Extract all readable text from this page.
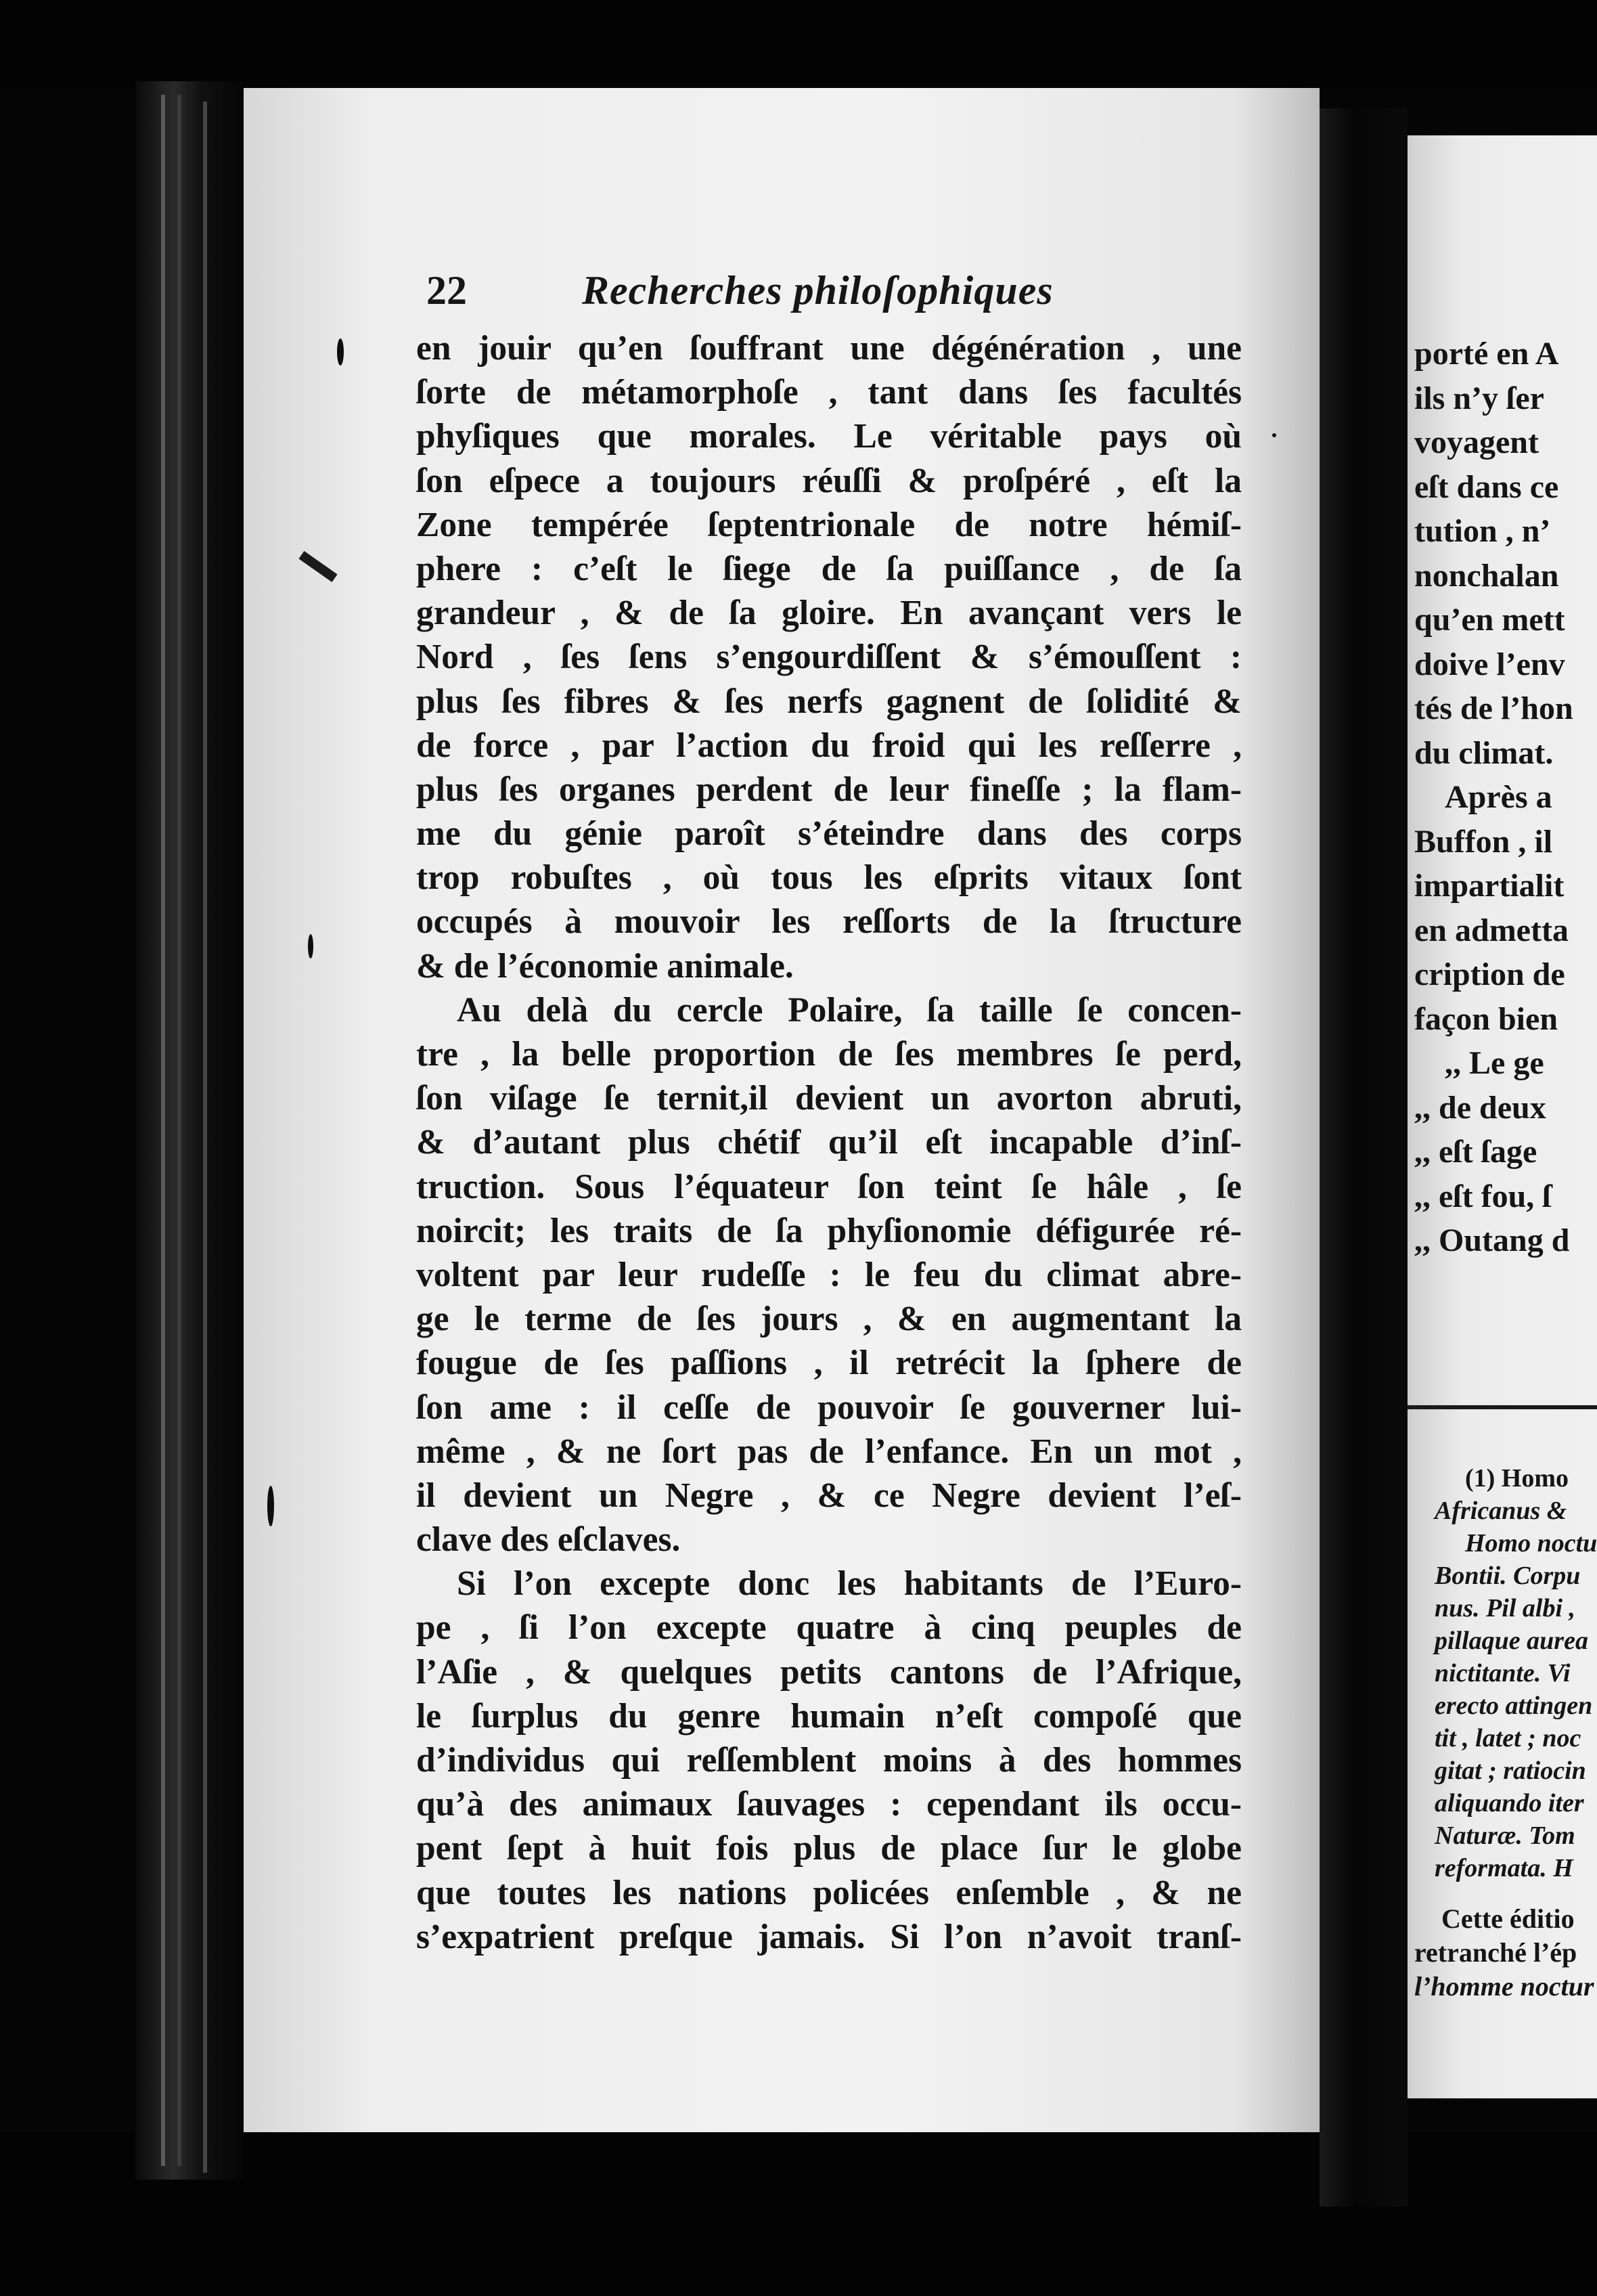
22	Recherches philoſophiques
en jouir qu’en ſouffrant une dégénération , une
ſorte de métamorphoſe , tant dans ſes facultés
phyſiques que morales. Le véritable pays où
ſon eſpece a toujours réuſſi & proſpéré , eſt la
Zone tempérée ſeptentrionale de notre hémiſ-
phere : c’eſt le ſiege de ſa puiſſance , de ſa
grandeur , & de ſa gloire. En avançant vers le
Nord , ſes ſens s’engourdiſſent & s’émouſſent :
plus ſes fibres & ſes nerfs gagnent de ſolidité &
de force , par l’action du froid qui les reſſerre ,
plus ſes organes perdent de leur fineſſe ; la flam-
me du génie paroît s’éteindre dans des corps
trop robuſtes , où tous les eſprits vitaux ſont
occupés à mouvoir les reſſorts de la ſtructure
& de l’économie animale.
Au delà du cercle Polaire, ſa taille ſe concen-
tre , la belle proportion de ſes membres ſe perd,
ſon viſage ſe ternit,il devient un avorton abruti,
& d’autant plus chétif qu’il eſt incapable d’inſ-
truction. Sous l’équateur ſon teint ſe hâle , ſe
noircit; les traits de ſa phyſionomie défigurée ré-
voltent par leur rudeſſe : le feu du climat abre-
ge le terme de ſes jours , & en augmentant la
fougue de ſes paſſions , il retrécit la ſphere de
ſon ame : il ceſſe de pouvoir ſe gouverner lui-
même , & ne ſort pas de l’enfance. En un mot ,
il devient un Negre , & ce Negre devient l’eſ-
clave des eſclaves.
Si l’on excepte donc les habitants de l’Euro-
pe , ſi l’on excepte quatre à cinq peuples de
l’Aſie , & quelques petits cantons de l’Afrique,
le ſurplus du genre humain n’eſt compoſé que
d’individus qui reſſemblent moins à des hommes
qu’à des animaux ſauvages : cependant ils occu-
pent ſept à huit fois plus de place ſur le globe
que toutes les nations policées enſemble , & ne
s’expatrient preſque jamais. Si l’on n’avoit tranſ-
porté en A
ils n’y ſer
voyagent
eſt dans ce
tution , n’
nonchalan
qu’en mett
doive l’env
tés de l’hon
du climat.
Après a
Buffon , il
impartialit
en admetta
cription de
façon bien
,, Le ge
,, de deux
,, eſt ſage
,, eſt fou, ſ
,, Outang d
(1) Homo
Africanus &
Homo noctu
Bontii. Corpu
nus. Pil albi ,
pillaque aurea
nictitante. Vi
erecto attingen
tit , latet ; noc
gitat ; ratiocin
aliquando iter
Naturæ. Tom
reformata. H
Cette éditio
retranché l’ép
l’homme noctur
